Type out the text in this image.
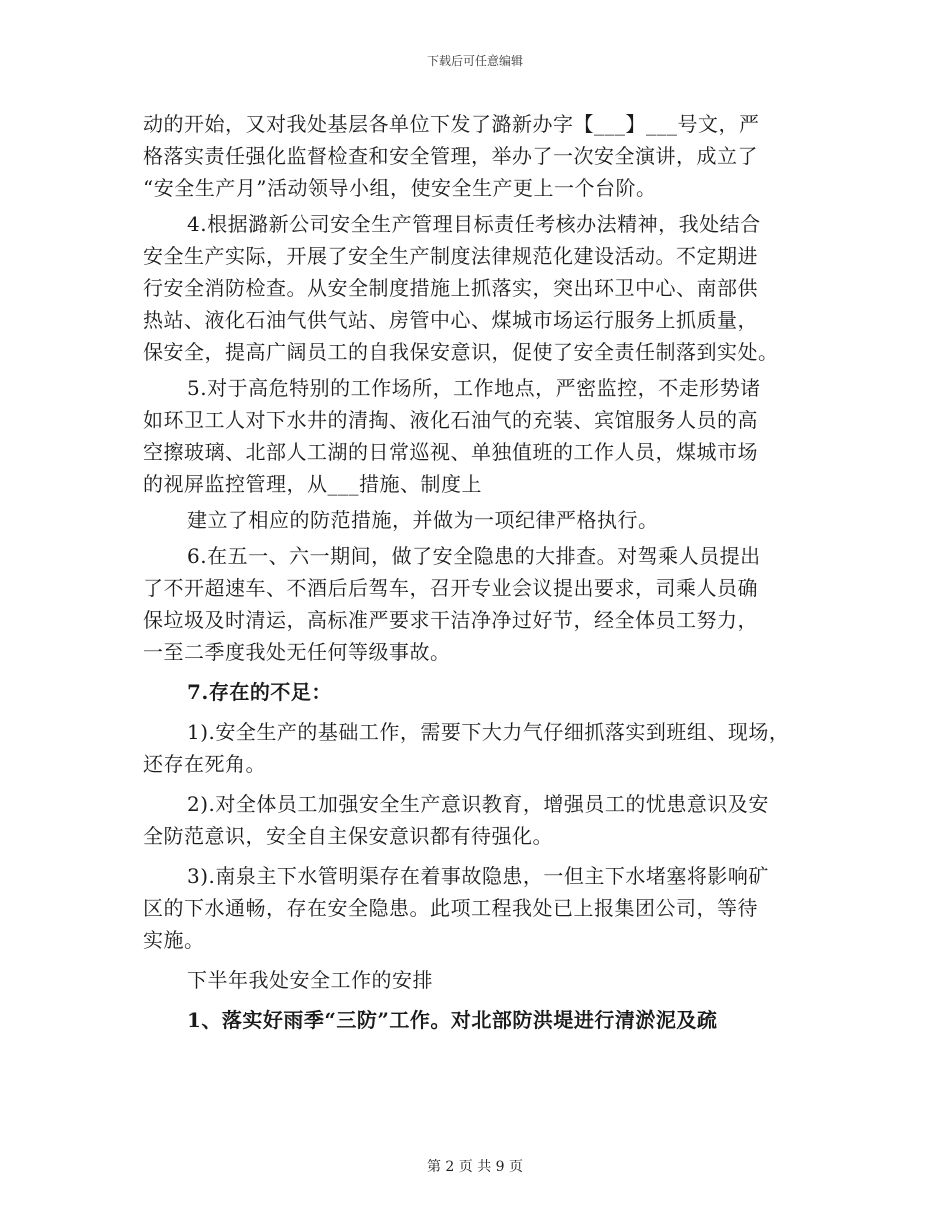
下载后可任意编辑
动的开始，又对我处基层各单位下发了潞新办字【___】___号文，严
格落实责任强化监督检查和安全管理，举办了一次安全演讲，成立了
“安全生产月”活动领导小组，使安全生产更上一个台阶。
4.根据潞新公司安全生产管理目标责任考核办法精神，我处结合
安全生产实际，开展了安全生产制度法律规范化建设活动。不定期进
行安全消防检查。从安全制度措施上抓落实，突出环卫中心、南部供
热站、液化石油气供气站、房管中心、煤城市场运行服务上抓质量，
保安全，提高广阔员工的自我保安意识，促使了安全责任制落到实处。
5.对于高危特别的工作场所，工作地点，严密监控，不走形势诸
如环卫工人对下水井的清掏、液化石油气的充装、宾馆服务人员的高
空擦玻璃、北部人工湖的日常巡视、单独值班的工作人员，煤城市场
的视屏监控管理，从___措施、制度上
建立了相应的防范措施，并做为一项纪律严格执行。
6.在五一、六一期间，做了安全隐患的大排查。对驾乘人员提出
了不开超速车、不酒后后驾车，召开专业会议提出要求，司乘人员确
保垃圾及时清运，高标准严要求干洁净净过好节，经全体员工努力，
一至二季度我处无任何等级事故。
7.存在的不足：
1).安全生产的基础工作，需要下大力气仔细抓落实到班组、现场，
还存在死角。
2).对全体员工加强安全生产意识教育，增强员工的忧患意识及安
全防范意识，安全自主保安意识都有待强化。
3).南泉主下水管明渠存在着事故隐患，一但主下水堵塞将影响矿
区的下水通畅，存在安全隐患。此项工程我处已上报集团公司，等待
实施。
下半年我处安全工作的安排
1、落实好雨季“三防”工作。对北部防洪堤进行清淤泥及疏
第 2 页 共 9 页
